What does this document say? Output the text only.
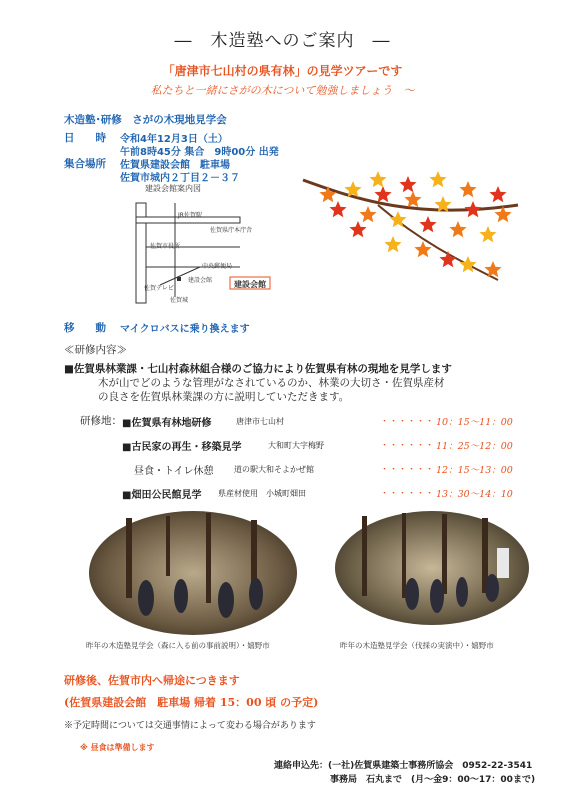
―　木造塾へのご案内　―
「唐津市七山村の県有林」の見学ツアーです
私たちと一緒にさがの木について勉強しましょう　～
木造塾･研修　さがの木現地見学会
日　　時 令和4年12月3日（土）
午前8時45分 集合　9時00分 出発
集合場所 佐賀県建設会館　駐車場
佐賀市城内２丁目２－３７
建設会館案内図
JR佐賀駅
佐賀県庁本庁舎
佐賀市役所
中央郵便局
建設会館
佐賀テレビ
佐賀城
建設会館
移　　動 マイクロバスに乗り換えます
≪研修内容≫
■佐賀県林業課・七山村森林組合様のご協力により佐賀県有林の現地を見学します
木が山でどのような管理がなされているのか、林業の大切さ・佐賀県産材
の良さを佐賀県林業課の方に説明していただきます。
研修地： ■佐賀県有林地研修	唐津市七山村	・・・・・・ 10：15～11：00
■古民家の再生・移築見学	大和町大字梅野	・・・・・・ 11：25～12：00
昼食・トイレ休憩	道の駅大和そよかぜ館	・・・・・・ 12：15～13：00
■畑田公民館見学 県産材使用　小城町畑田	・・・・・・ 13：30～14：10
昨年の木造塾見学会（森に入る前の事前説明）・嬉野市	昨年の木造塾見学会（伐採の実演中）・嬉野市
研修後、佐賀市内へ帰途につきます
(佐賀県建設会館　駐車場 帰着 15：00 頃 の予定)
※予定時間については交通事情によって変わる場合があります
※ 昼食は準備します
連絡申込先：(一社)佐賀県建築士事務所協会　0952-22-3541
事務局　石丸まで　(月～金9：00～17：00まで)
